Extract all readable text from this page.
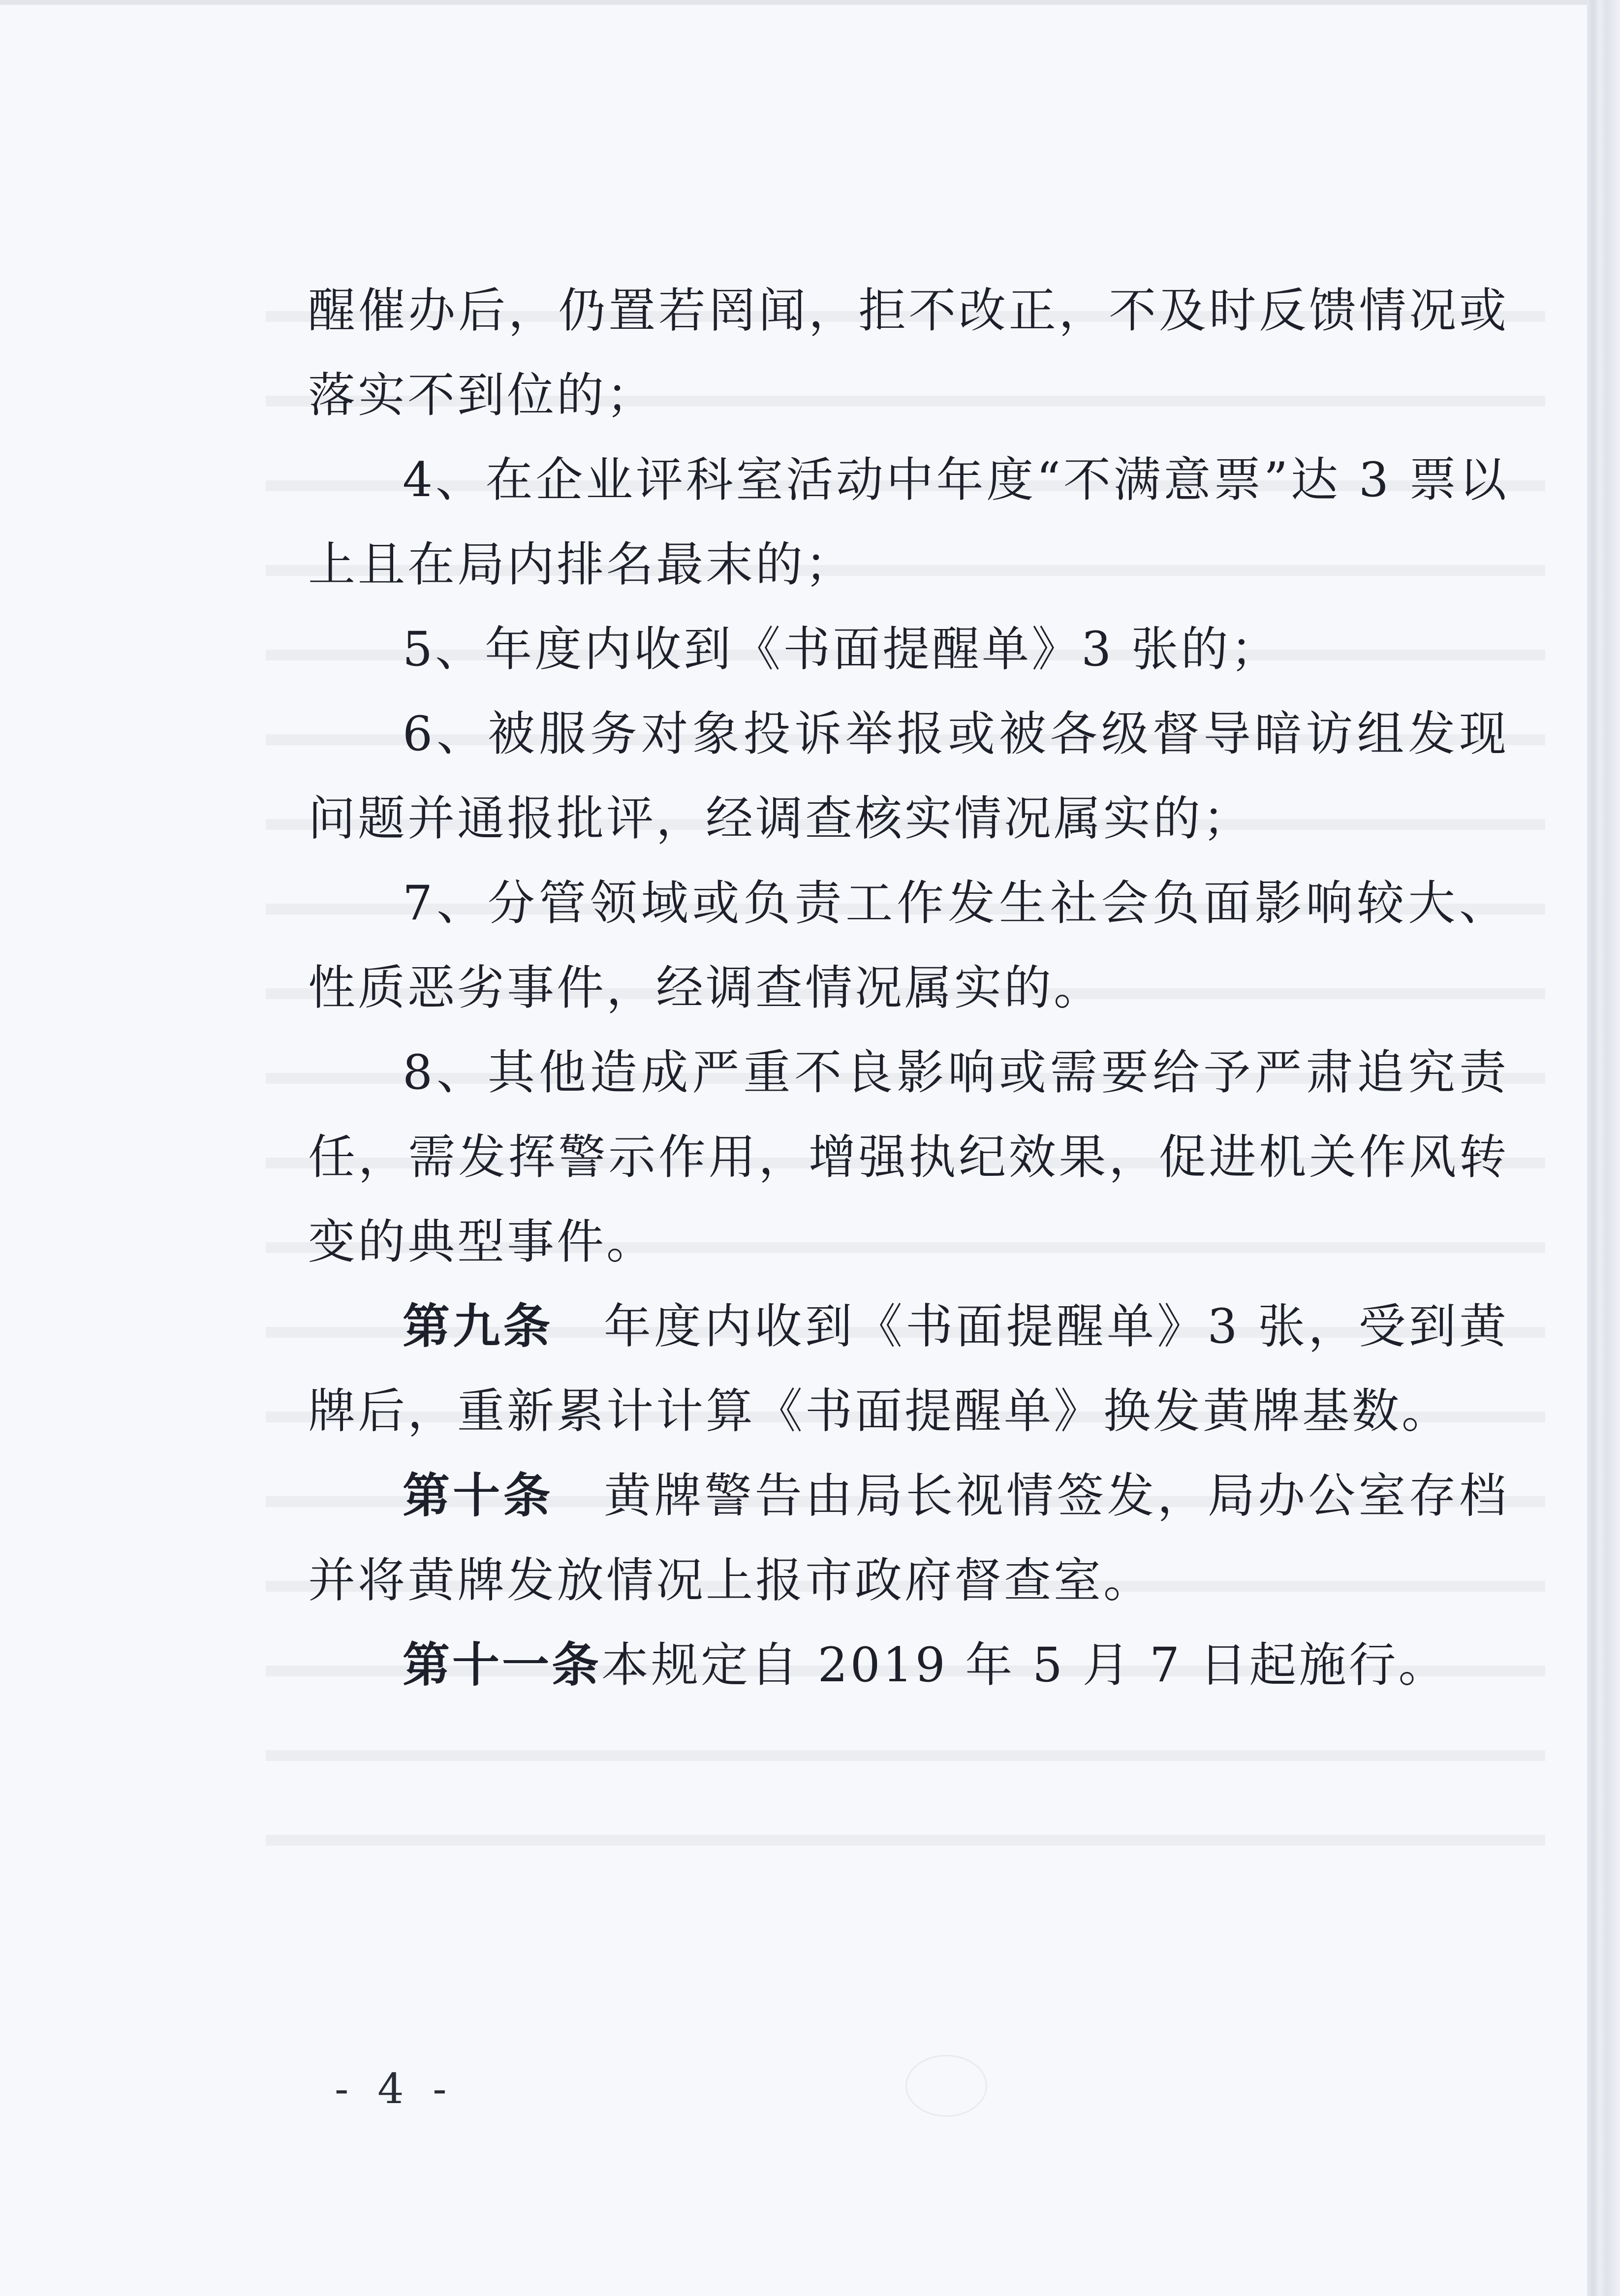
醒催办后，仍置若罔闻，拒不改正，不及时反馈情况或落实不到位的；

4、在企业评科室活动中年度“不满意票”达 3 票以上且在局内排名最末的；

5、年度内收到《书面提醒单》3 张的；

6、被服务对象投诉举报或被各级督导暗访组发现问题并通报批评，经调查核实情况属实的；

7、分管领域或负责工作发生社会负面影响较大、性质恶劣事件，经调查情况属实的。

8、其他造成严重不良影响或需要给予严肃追究责任，需发挥警示作用，增强执纪效果，促进机关作风转变的典型事件。

第九条　年度内收到《书面提醒单》3 张，受到黄牌后，重新累计计算《书面提醒单》换发黄牌基数。

第十条　黄牌警告由局长视情签发，局办公室存档并将黄牌发放情况上报市政府督查室。

第十一条本规定自 2019 年 5 月 7 日起施行。

- 4 -
